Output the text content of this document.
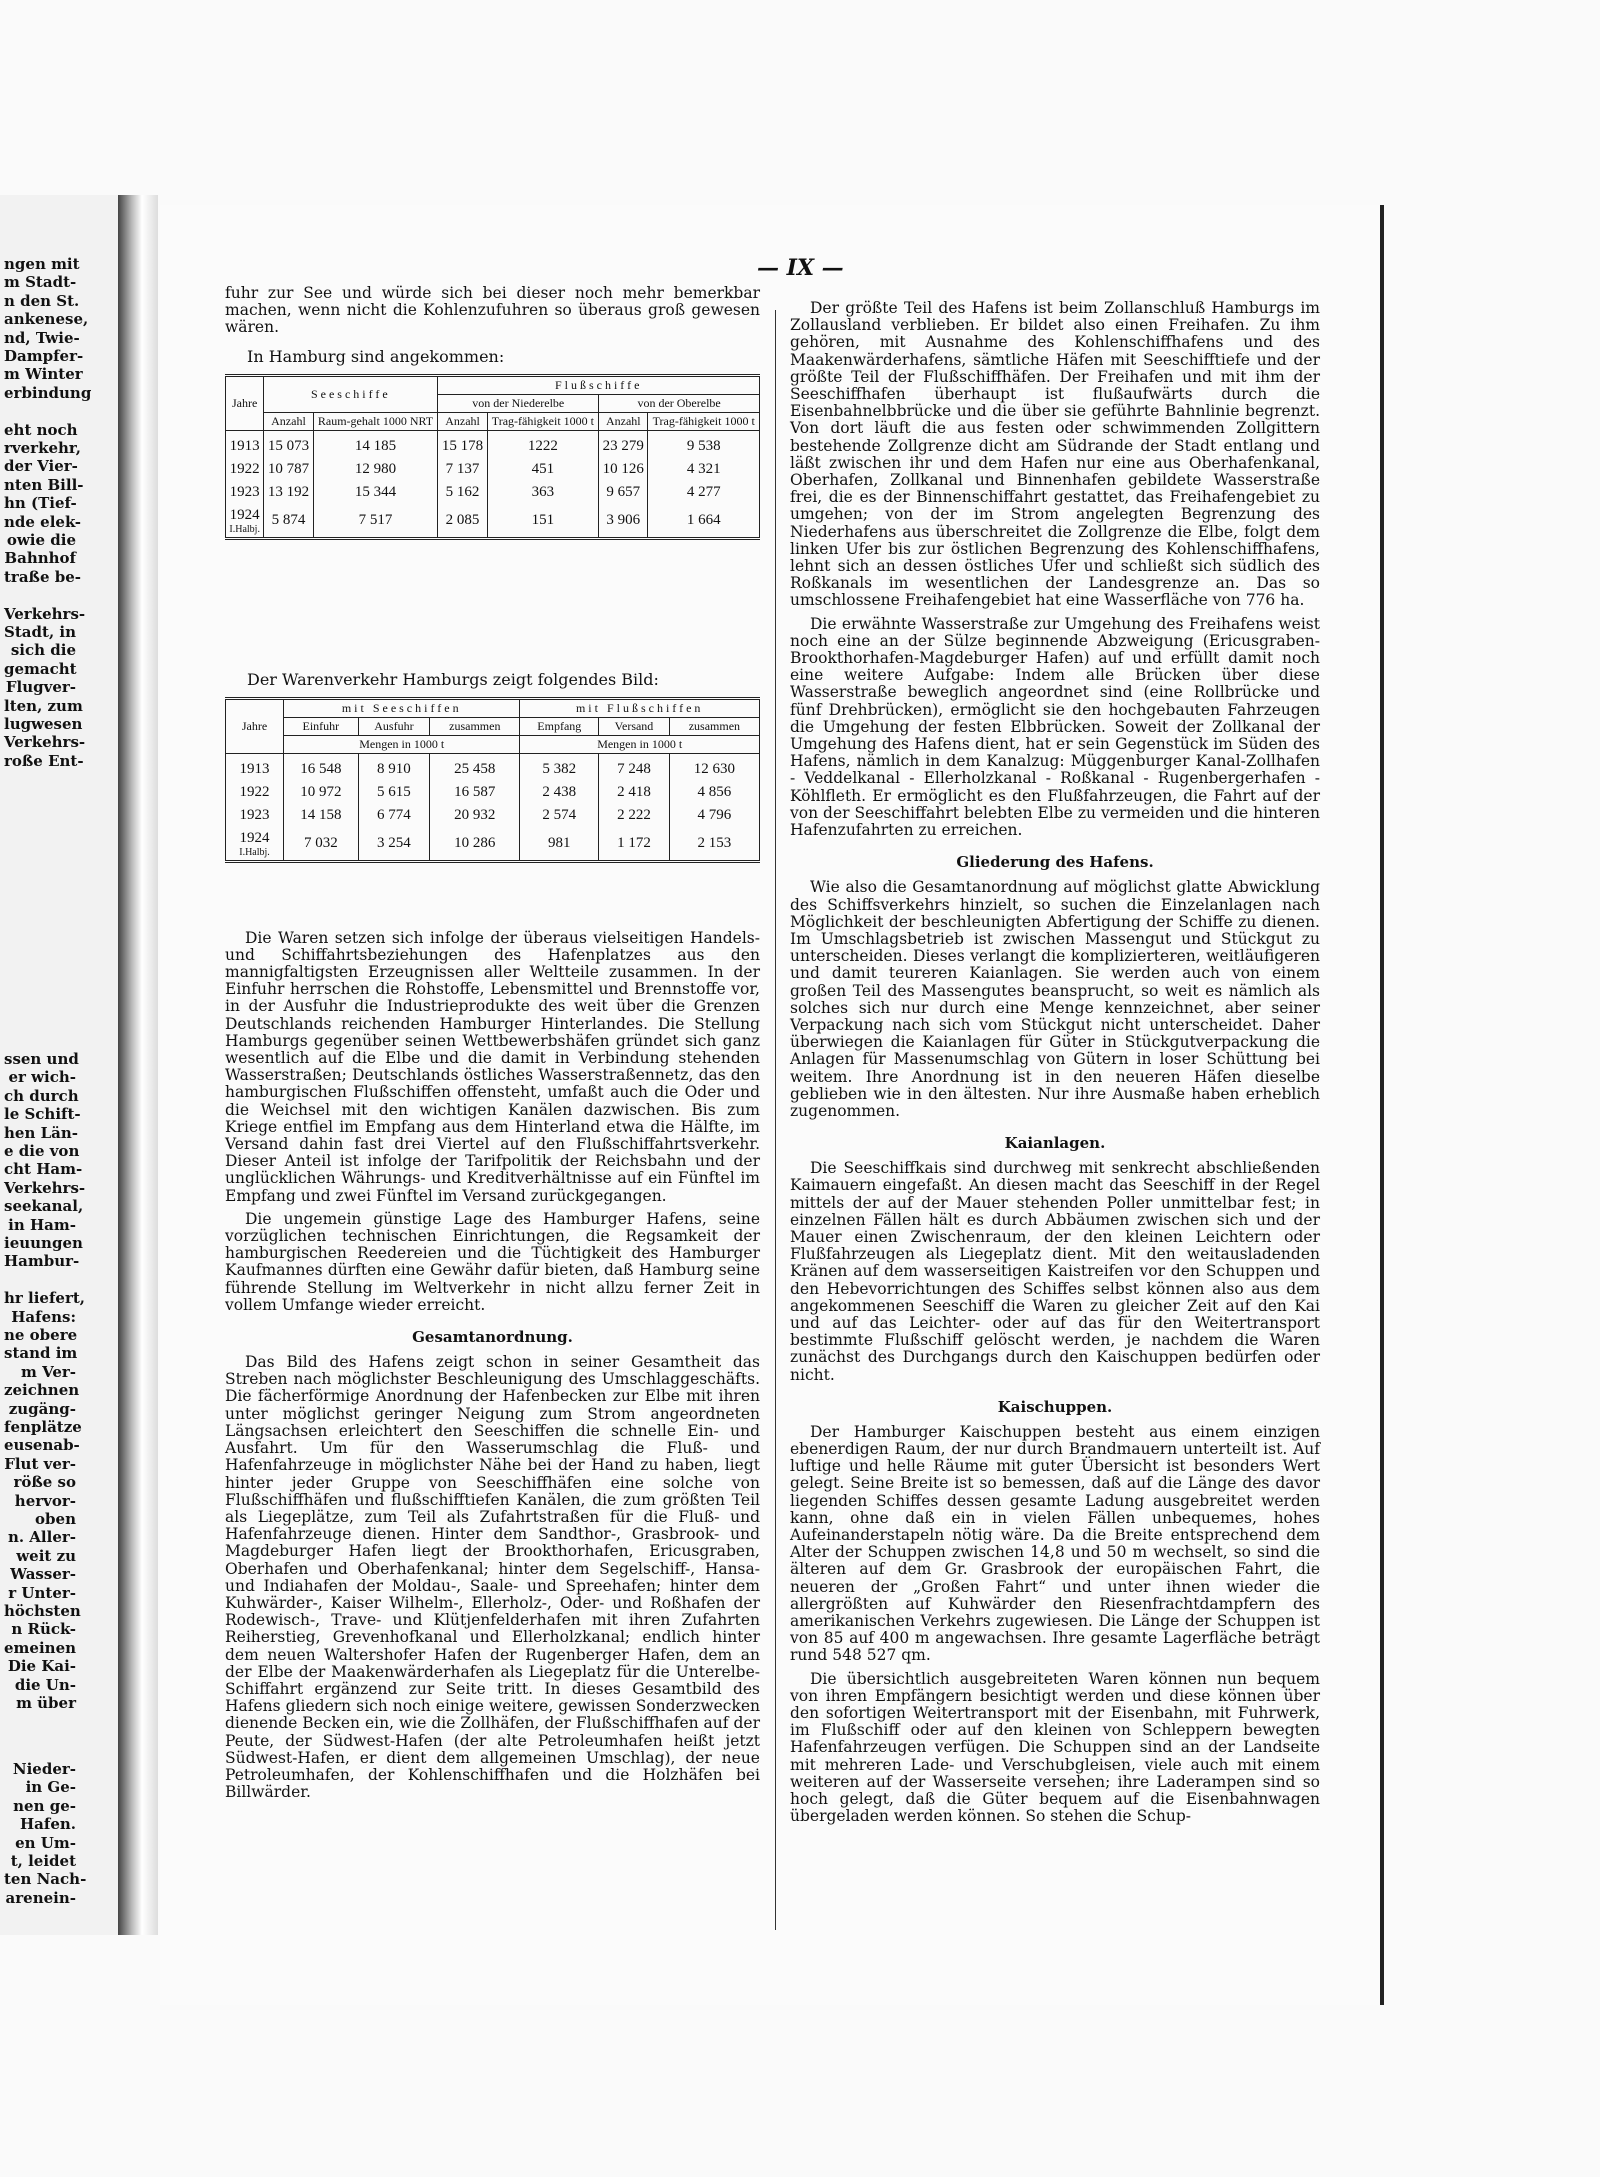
ngen mit
m Stadt-
n den St.
ankenese,
nd, Twie-
Dampfer-
m Winter
erbindung
eht noch
rverkehr,
der Vier-
nten Bill-
hn (Tief-
nde elek-
owie die
Bahnhof
traße be-
Verkehrs-
Stadt, in
sich die
gemacht
Flugver-
lten, zum
lugwesen
Verkehrs-
roße Ent-
ssen und
er wich-
ch durch
le Schift-
hen Län-
e die von
cht Ham-
Verkehrs-
seekanal,
in Ham-
ieuungen
Hambur-
hr liefert,
Hafens:
ne obere
stand im
m Ver-
zeichnen
zugäng-
fenplätze
eusenab-
Flut ver-
röße so
hervor-
oben
n. Aller-
weit zu
Wasser-
r Unter-
höchsten
n Rück-
emeinen
Die Kai-
die Un-
m über
Nieder-
in Ge-
nen ge-
Hafen.
en Um-
t, leidet
ten Nach-
arenein-
— IX —

fuhr zur See und würde sich bei dieser noch mehr bemerkbar machen, wenn nicht die Kohlenzufuhren so überaus groß gewesen wären.

In Hamburg sind angekommen:
Jahre	Seeschiffe		Flußschiffe			
			von der Niederelbe		von der Oberelbe	
	Anzahl	Raum-gehalt 1000 NRT	Anzahl	Trag-fähigkeit 1000 t	Anzahl	Trag-fähigkeit 1000 t
1913	15 073	14 185	15 178	1222	23 279	9 538
1922	10 787	12 980	7 137	451	10 126	4 321
1923	13 192	15 344	5 162	363	9 657	4 277
1924
I.Halbj.	5 874	7 517	2 085	151	3 906	1 664
Der Warenverkehr Hamburgs zeigt folgendes Bild:
Jahre	mit Seeschiffen			mit Flußschiffen		
	Einfuhr	Ausfuhr	zusammen	Empfang	Versand	zusammen
	Mengen in 1000 t			Mengen in 1000 t		
1913	16 548	8 910	25 458	5 382	7 248	12 630
1922	10 972	5 615	16 587	2 438	2 418	4 856
1923	14 158	6 774	20 932	2 574	2 222	4 796
1924
I.Halbj.	7 032	3 254	10 286	981	1 172	2 153

Die Waren setzen sich infolge der überaus vielseitigen Handels- und Schiffahrtsbeziehungen des Hafenplatzes aus den mannigfaltigsten Erzeugnissen aller Weltteile zusammen. In der Einfuhr herrschen die Rohstoffe, Lebensmittel und Brennstoffe vor, in der Ausfuhr die Industrieprodukte des weit über die Grenzen Deutschlands reichenden Hamburger Hinterlandes. Die Stellung Hamburgs gegenüber seinen Wettbewerbshäfen gründet sich ganz wesentlich auf die Elbe und die damit in Verbindung stehenden Wasserstraßen; Deutschlands östliches Wasserstraßennetz, das den hamburgischen Flußschiffen offensteht, umfaßt auch die Oder und die Weichsel mit den wichtigen Kanälen dazwischen. Bis zum Kriege entfiel im Empfang aus dem Hinterland etwa die Hälfte, im Versand dahin fast drei Viertel auf den Flußschiffahrtsverkehr. Dieser Anteil ist infolge der Tarifpolitik der Reichsbahn und der unglücklichen Währungs- und Kreditverhältnisse auf ein Fünftel im Empfang und zwei Fünftel im Versand zurückgegangen.

Die ungemein günstige Lage des Hamburger Hafens, seine vorzüglichen technischen Einrichtungen, die Regsamkeit der hamburgischen Reedereien und die Tüchtigkeit des Hamburger Kaufmannes dürften eine Gewähr dafür bieten, daß Hamburg seine führende Stellung im Weltverkehr in nicht allzu ferner Zeit in vollem Umfange wieder erreicht.

Gesamtanordnung.

Das Bild des Hafens zeigt schon in seiner Gesamtheit das Streben nach möglichster Beschleunigung des Umschlaggeschäfts. Die fächerförmige Anordnung der Hafenbecken zur Elbe mit ihren unter möglichst geringer Neigung zum Strom angeordneten Längsachsen erleichtert den Seeschiffen die schnelle Ein- und Ausfahrt. Um für den Wasserumschlag die Fluß- und Hafenfahrzeuge in möglichster Nähe bei der Hand zu haben, liegt hinter jeder Gruppe von Seeschiffhäfen eine solche von Flußschiffhäfen und flußschifftiefen Kanälen, die zum größten Teil als Liegeplätze, zum Teil als Zufahrtstraßen für die Fluß- und Hafenfahrzeuge dienen. Hinter dem Sandthor-, Grasbrook- und Magdeburger Hafen liegt der Brookthorhafen, Ericusgraben, Oberhafen und Oberhafenkanal; hinter dem Segelschiff-, Hansa- und Indiahafen der Moldau-, Saale- und Spreehafen; hinter dem Kuhwärder-, Kaiser Wilhelm-, Ellerholz-, Oder- und Roßhafen der Rodewisch-, Trave- und Klütjenfelderhafen mit ihren Zufahrten Reiherstieg, Grevenhofkanal und Ellerholzkanal; endlich hinter dem neuen Waltershofer Hafen der Rugenberger Hafen, dem an der Elbe der Maakenwärderhafen als Liegeplatz für die Unterelbe-Schiffahrt ergänzend zur Seite tritt. In dieses Gesamtbild des Hafens gliedern sich noch einige weitere, gewissen Sonderzwecken dienende Becken ein, wie die Zollhäfen, der Flußschiffhafen auf der Peute, der Südwest-Hafen (der alte Petroleumhafen heißt jetzt Südwest-Hafen, er dient dem allgemeinen Umschlag), der neue Petroleumhafen, der Kohlenschiffhafen und die Holzhäfen bei Billwärder.

Der größte Teil des Hafens ist beim Zollanschluß Hamburgs im Zollausland verblieben. Er bildet also einen Freihafen. Zu ihm gehören, mit Ausnahme des Kohlenschiffhafens und des Maakenwärderhafens, sämtliche Häfen mit Seeschifftiefe und der größte Teil der Flußschiffhäfen. Der Freihafen und mit ihm der Seeschiffhafen überhaupt ist flußaufwärts durch die Eisenbahnelbbrücke und die über sie geführte Bahnlinie begrenzt. Von dort läuft die aus festen oder schwimmenden Zollgittern bestehende Zollgrenze dicht am Südrande der Stadt entlang und läßt zwischen ihr und dem Hafen nur eine aus Oberhafenkanal, Oberhafen, Zollkanal und Binnenhafen gebildete Wasserstraße frei, die es der Binnenschiffahrt gestattet, das Freihafengebiet zu umgehen; von der im Strom angelegten Begrenzung des Niederhafens aus überschreitet die Zollgrenze die Elbe, folgt dem linken Ufer bis zur östlichen Begrenzung des Kohlenschiffhafens, lehnt sich an dessen östliches Ufer und schließt sich südlich des Roßkanals im wesentlichen der Landesgrenze an. Das so umschlossene Freihafengebiet hat eine Wasserfläche von 776 ha.

Die erwähnte Wasserstraße zur Umgehung des Freihafens weist noch eine an der Sülze beginnende Abzweigung (Ericusgraben-Brookthorhafen-Magdeburger Hafen) auf und erfüllt damit noch eine weitere Aufgabe: Indem alle Brücken über diese Wasserstraße beweglich angeordnet sind (eine Rollbrücke und fünf Drehbrücken), ermöglicht sie den hochgebauten Fahrzeugen die Umgehung der festen Elbbrücken. Soweit der Zollkanal der Umgehung des Hafens dient, hat er sein Gegenstück im Süden des Hafens, nämlich in dem Kanalzug: Müggenburger Kanal-Zollhafen - Veddelkanal - Ellerholzkanal - Roßkanal - Rugenbergerhafen - Köhlfleth. Er ermöglicht es den Flußfahrzeugen, die Fahrt auf der von der Seeschiffahrt belebten Elbe zu vermeiden und die hinteren Hafenzufahrten zu erreichen.

Gliederung des Hafens.

Wie also die Gesamtanordnung auf möglichst glatte Abwicklung des Schiffsverkehrs hinzielt, so suchen die Einzelanlagen nach Möglichkeit der beschleunigten Abfertigung der Schiffe zu dienen. Im Umschlagsbetrieb ist zwischen Massengut und Stückgut zu unterscheiden. Dieses verlangt die komplizierteren, weitläufigeren und damit teureren Kaianlagen. Sie werden auch von einem großen Teil des Massengutes beansprucht, so weit es nämlich als solches sich nur durch eine Menge kennzeichnet, aber seiner Verpackung nach sich vom Stückgut nicht unterscheidet. Daher überwiegen die Kaianlagen für Güter in Stückgutverpackung die Anlagen für Massenumschlag von Gütern in loser Schüttung bei weitem. Ihre Anordnung ist in den neueren Häfen dieselbe geblieben wie in den ältesten. Nur ihre Ausmaße haben erheblich zugenommen.

Kaianlagen.

Die Seeschiffkais sind durchweg mit senkrecht abschließenden Kaimauern eingefaßt. An diesen macht das Seeschiff in der Regel mittels der auf der Mauer stehenden Poller unmittelbar fest; in einzelnen Fällen hält es durch Abbäumen zwischen sich und der Mauer einen Zwischenraum, der den kleinen Leichtern oder Flußfahrzeugen als Liegeplatz dient. Mit den weitausladenden Kränen auf dem wasserseitigen Kaistreifen vor den Schuppen und den Hebevorrichtungen des Schiffes selbst können also aus dem angekommenen Seeschiff die Waren zu gleicher Zeit auf den Kai und auf das Leichter- oder auf das für den Weitertransport bestimmte Flußschiff gelöscht werden, je nachdem die Waren zunächst des Durchgangs durch den Kaischuppen bedürfen oder nicht.

Kaischuppen.

Der Hamburger Kaischuppen besteht aus einem einzigen ebenerdigen Raum, der nur durch Brandmauern unterteilt ist. Auf luftige und helle Räume mit guter Übersicht ist besonders Wert gelegt. Seine Breite ist so bemessen, daß auf die Länge des davor liegenden Schiffes dessen gesamte Ladung ausgebreitet werden kann, ohne daß ein in vielen Fällen unbequemes, hohes Aufeinanderstapeln nötig wäre. Da die Breite entsprechend dem Alter der Schuppen zwischen 14,8 und 50 m wechselt, so sind die älteren auf dem Gr. Grasbrook der europäischen Fahrt, die neueren der „Großen Fahrt“ und unter ihnen wieder die allergrößten auf Kuhwärder den Riesenfrachtdampfern des amerikanischen Verkehrs zugewiesen. Die Länge der Schuppen ist von 85 auf 400 m angewachsen. Ihre gesamte Lagerfläche beträgt rund 548 527 qm.

Die übersichtlich ausgebreiteten Waren können nun bequem von ihren Empfängern besichtigt werden und diese können über den sofortigen Weitertransport mit der Eisenbahn, mit Fuhrwerk, im Flußschiff oder auf den kleinen von Schleppern bewegten Hafenfahrzeugen verfügen. Die Schuppen sind an der Landseite mit mehreren Lade- und Verschubgleisen, viele auch mit einem weiteren auf der Wasserseite versehen; ihre Laderampen sind so hoch gelegt, daß die Güter bequem auf die Eisenbahnwagen übergeladen werden können. So stehen die Schup-
